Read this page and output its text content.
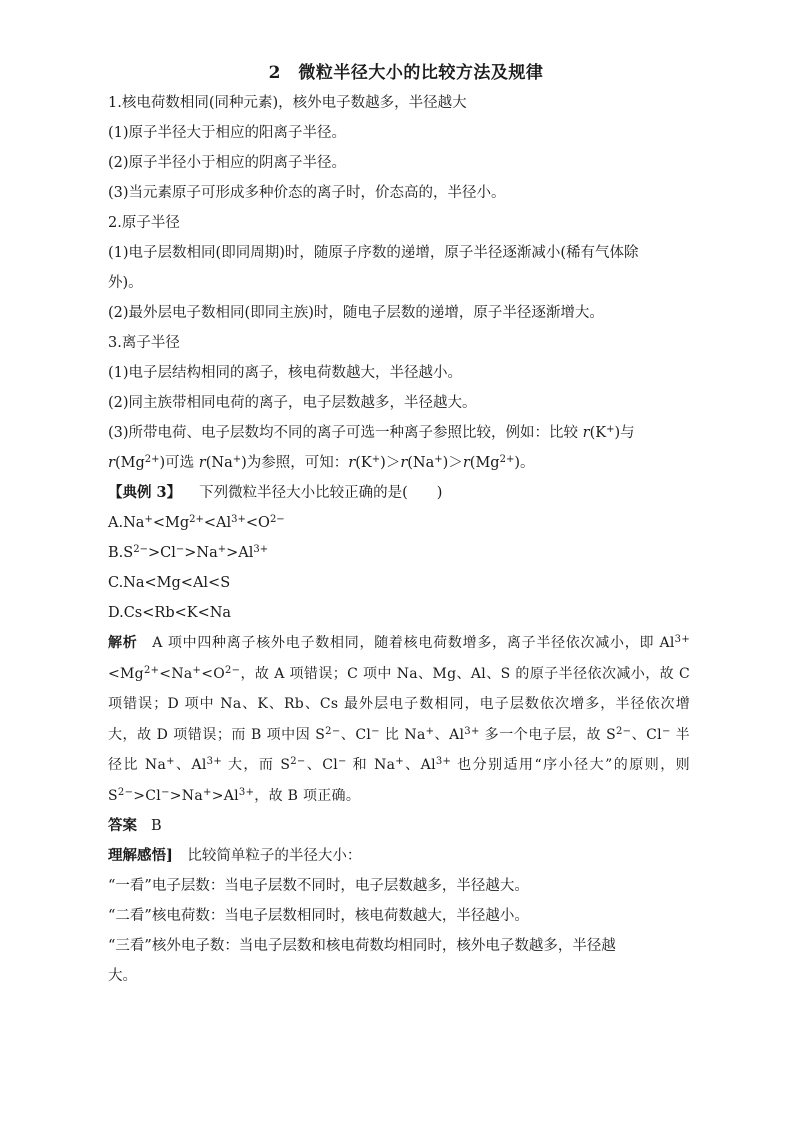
2　微粒半径大小的比较方法及规律
1.核电荷数相同(同种元素)，核外电子数越多，半径越大
(1)原子半径大于相应的阳离子半径。
(2)原子半径小于相应的阴离子半径。
(3)当元素原子可形成多种价态的离子时，价态高的，半径小。
2.原子半径
(1)电子层数相同(即同周期)时，随原子序数的递增，原子半径逐渐减小(稀有气体除
外)。
(2)最外层电子数相同(即同主族)时，随电子层数的递增，原子半径逐渐增大。
3.离子半径
(1)电子层结构相同的离子，核电荷数越大，半径越小。
(2)同主族带相同电荷的离子，电子层数越多，半径越大。
(3)所带电荷、电子层数均不同的离子可选一种离子参照比较，例如：比较 r(K+)与
$r(Mg^{2+})$可选 r(Na+)为参照，可知：$r(K^+)>r(Na^+)>r(Mg^{2+})$。
【典例 3】 下列微粒半径大小比较正确的是(　　)
$A.Na^+<Mg^{2+}<Al^{3+}<O^{2-}$
$B.S^{2-}>Cl^->Na^+>Al^{3+}$
C.Na<Mg<Al<S
D.Cs<Rb<K<Na

解析　 A 项中四种离子核外电子数相同，随着核电荷数增多，离子半径依次减小，即 $Al^{3+}<Mg^{2+}<Na^+<O^{2-}$，故 A 项错误；C 项中 Na、Mg、Al、S 的原子半径依次减小，故 C 项错误；D 项中 Na、K、Rb、Cs 最外层电子数相同，电子层数依次增多，半径依次增大，故 D 项错误；而 B 项中因 $S^{2-}$、Cl− 比 Na+、$Al^{3+}$ 多一个电子层，故 $S^{2-}$、Cl− 半径比 Na+、$Al^{3+}$ 大，而 $S^{2-}$、Cl− 和 Na+、$Al^{3+}$ 也分别适用“序小径大”的原则，则 $S^{2-}>Cl^->Na^+>Al^{3+}$，故 B 项正确。

答案 B
理解感悟]　 比较简单粒子的半径大小：
“一看”电子层数：当电子层数不同时，电子层数越多，半径越大。
“二看”核电荷数：当电子层数相同时，核电荷数越大，半径越小。
“三看”核外电子数：当电子层数和核电荷数均相同时，核外电子数越多，半径越
大。
